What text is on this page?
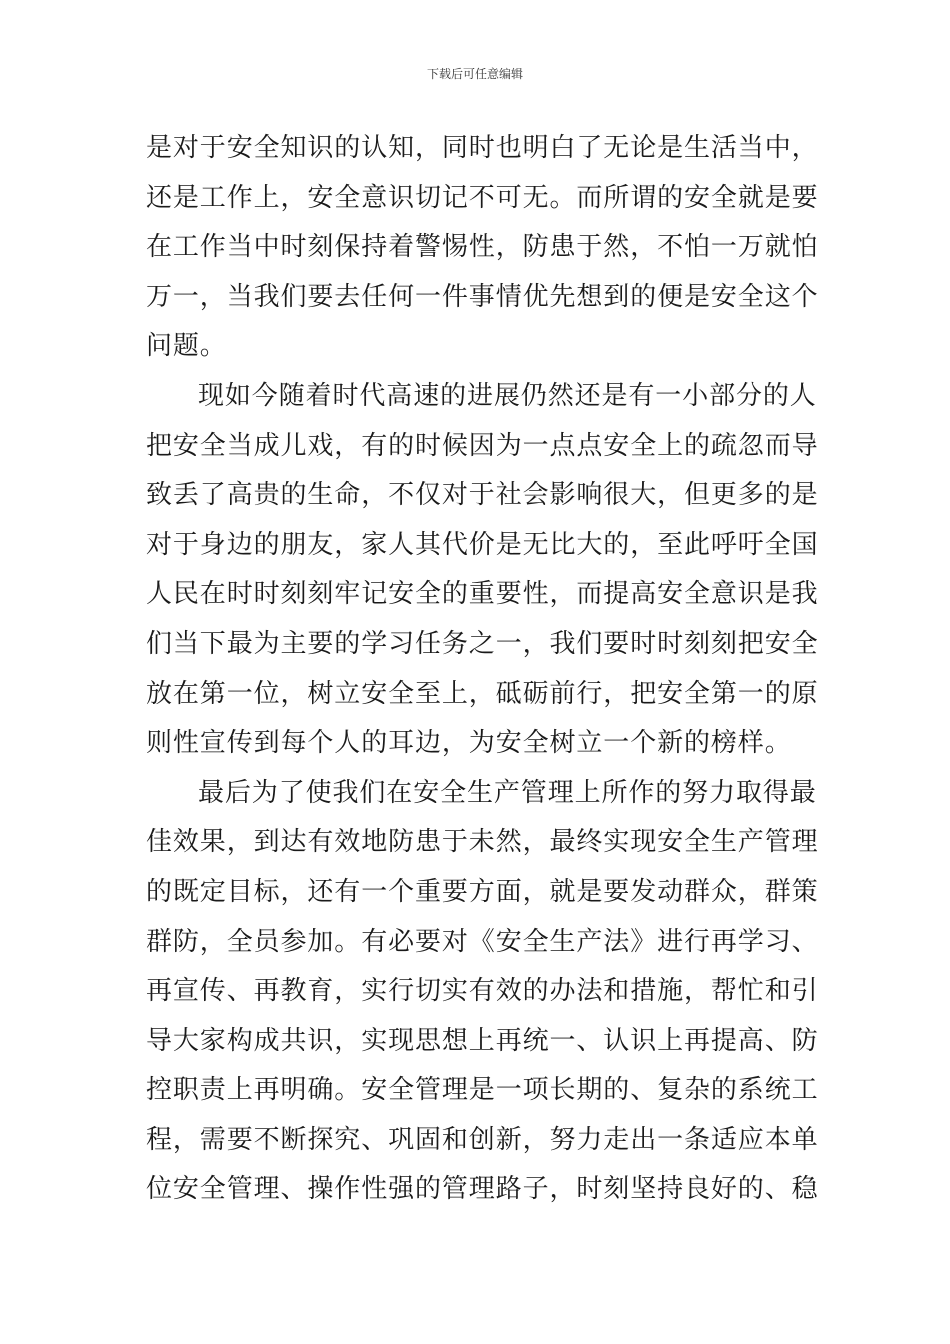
下载后可任意编辑
是对于安全知识的认知，同时也明白了无论是生活当中，
还是工作上，安全意识切记不可无。而所谓的安全就是要
在工作当中时刻保持着警惕性，防患于然，不怕一万就怕
万一，当我们要去任何一件事情优先想到的便是安全这个
问题。
现如今随着时代高速的进展仍然还是有一小部分的人
把安全当成儿戏，有的时候因为一点点安全上的疏忽而导
致丢了高贵的生命，不仅对于社会影响很大，但更多的是
对于身边的朋友，家人其代价是无比大的，至此呼吁全国
人民在时时刻刻牢记安全的重要性，而提高安全意识是我
们当下最为主要的学习任务之一，我们要时时刻刻把安全
放在第一位，树立安全至上，砥砺前行，把安全第一的原
则性宣传到每个人的耳边，为安全树立一个新的榜样。
最后为了使我们在安全生产管理上所作的努力取得最
佳效果，到达有效地防患于未然，最终实现安全生产管理
的既定目标，还有一个重要方面，就是要发动群众，群策
群防，全员参加。有必要对《安全生产法》进行再学习、
再宣传、再教育，实行切实有效的办法和措施，帮忙和引
导大家构成共识，实现思想上再统一、认识上再提高、防
控职责上再明确。安全管理是一项长期的、复杂的系统工
程，需要不断探究、巩固和创新，努力走出一条适应本单
位安全管理、操作性强的管理路子，时刻坚持良好的、稳
